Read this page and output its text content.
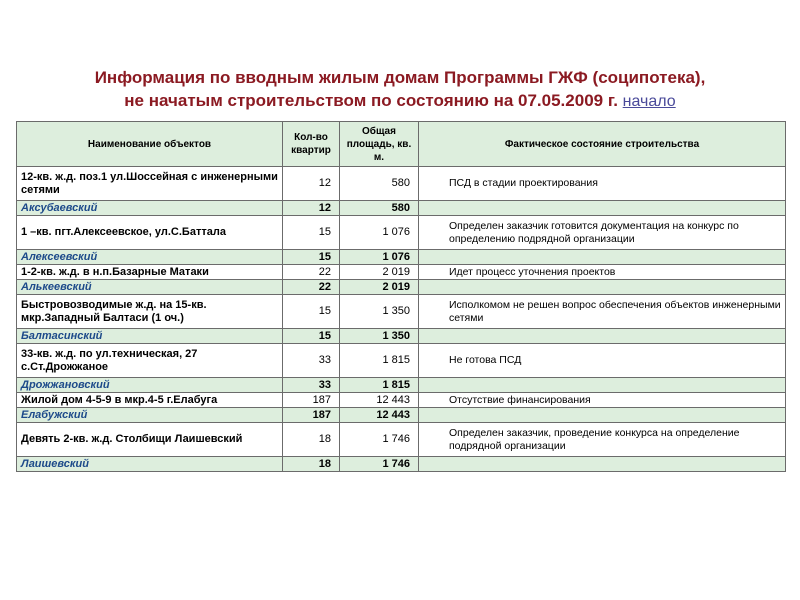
Информация по вводным жилым домам Программы ГЖФ (соципотека),
не начатым строительством по состоянию на 07.05.2009 г. начало
Наименование объектов	Кол-во квартир	Общая площадь, кв. м.	Фактическое состояние строительства
12-кв. ж.д. поз.1 ул.Шоссейная с инженерными сетями	12	580	ПСД в стадии проектирования
Аксубаевский	12	580	
1 –кв. пгт.Алексеевское, ул.С.Баттала	15	1 076	Определен заказчик готовится документация на конкурс по определению подрядной организации
Алексеевский	15	1 076	
1-2-кв. ж.д. в н.п.Базарные Матаки	22	2 019	Идет процесс уточнения проектов
Алькеевский	22	2 019	
Быстровозводимые ж.д. на 15-кв. мкр.Западный Балтаси (1 оч.)	15	1 350	Исполкомом не решен вопрос обеспечения объектов инженерными сетями
Балтасинский	15	1 350	
33-кв. ж.д. по ул.техническая, 27 с.Ст.Дрожжаное	33	1 815	Не готова ПСД
Дрожжановский	33	1 815	
Жилой дом 4-5-9 в мкр.4-5 г.Елабуга	187	12 443	Отсутствие финансирования
Елабужский	187	12 443	
Девять 2-кв. ж.д. Столбищи Лаишевский	18	1 746	Определен заказчик, проведение конкурса на определение подрядной организации
Лаишевский	18	1 746	
